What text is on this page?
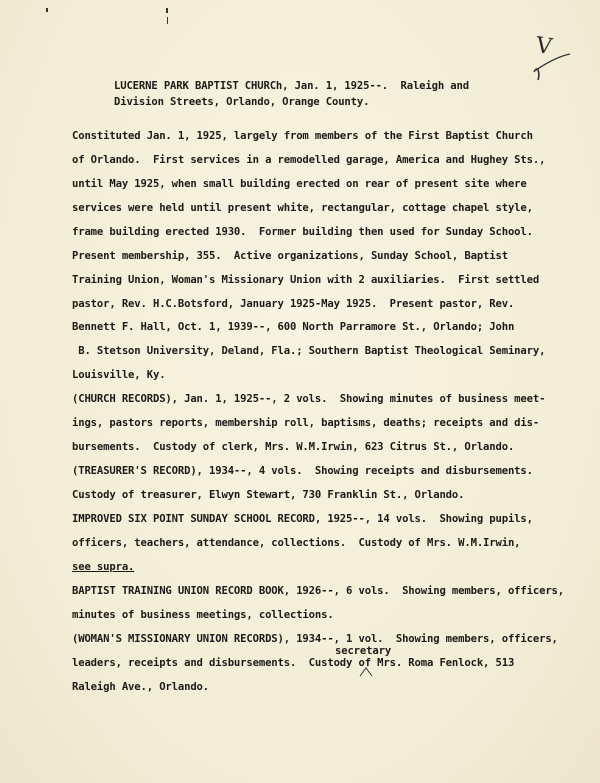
V
LUCERNE PARK BAPTIST CHURCh, Jan. 1, 1925--.  Raleigh and
Division Streets, Orlando, Orange County.
Constituted Jan. 1, 1925, largely from members of the First Baptist Church
of Orlando.  First services in a remodelled garage, America and Hughey Sts.,
until May 1925, when small building erected on rear of present site where
services were held until present white, rectangular, cottage chapel style,
frame building erected 1930.  Former building then used for Sunday School.
Present membership, 355.  Active organizations, Sunday School, Baptist
Training Union, Woman's Missionary Union with 2 auxiliaries.  First settled
pastor, Rev. H.C.Botsford, January 1925-May 1925.  Present pastor, Rev.
Bennett F. Hall, Oct. 1, 1939--, 600 North Parramore St., Orlando; John
B. Stetson University, Deland, Fla.; Southern Baptist Theological Seminary,
Louisville, Ky.
(CHURCH RECORDS), Jan. 1, 1925--, 2 vols.  Showing minutes of business meet-
ings, pastors reports, membership roll, baptisms, deaths; receipts and dis-
bursements.  Custody of clerk, Mrs. W.M.Irwin, 623 Citrus St., Orlando.
(TREASURER'S RECORD), 1934--, 4 vols.  Showing receipts and disbursements.
Custody of treasurer, Elwyn Stewart, 730 Franklin St., Orlando.
IMPROVED SIX POINT SUNDAY SCHOOL RECORD, 1925--, 14 vols.  Showing pupils,
officers, teachers, attendance, collections.  Custody of Mrs. W.M.Irwin,
see supra.
BAPTIST TRAINING UNION RECORD BOOK, 1926--, 6 vols.  Showing members, officers,
minutes of business meetings, collections.
(WOMAN'S MISSIONARY UNION RECORDS), 1934--, 1 vol.  Showing members, officers,
secretary
leaders, receipts and disbursements.  Custody of Mrs. Roma Fenlock, 513
Raleigh Ave., Orlando.
